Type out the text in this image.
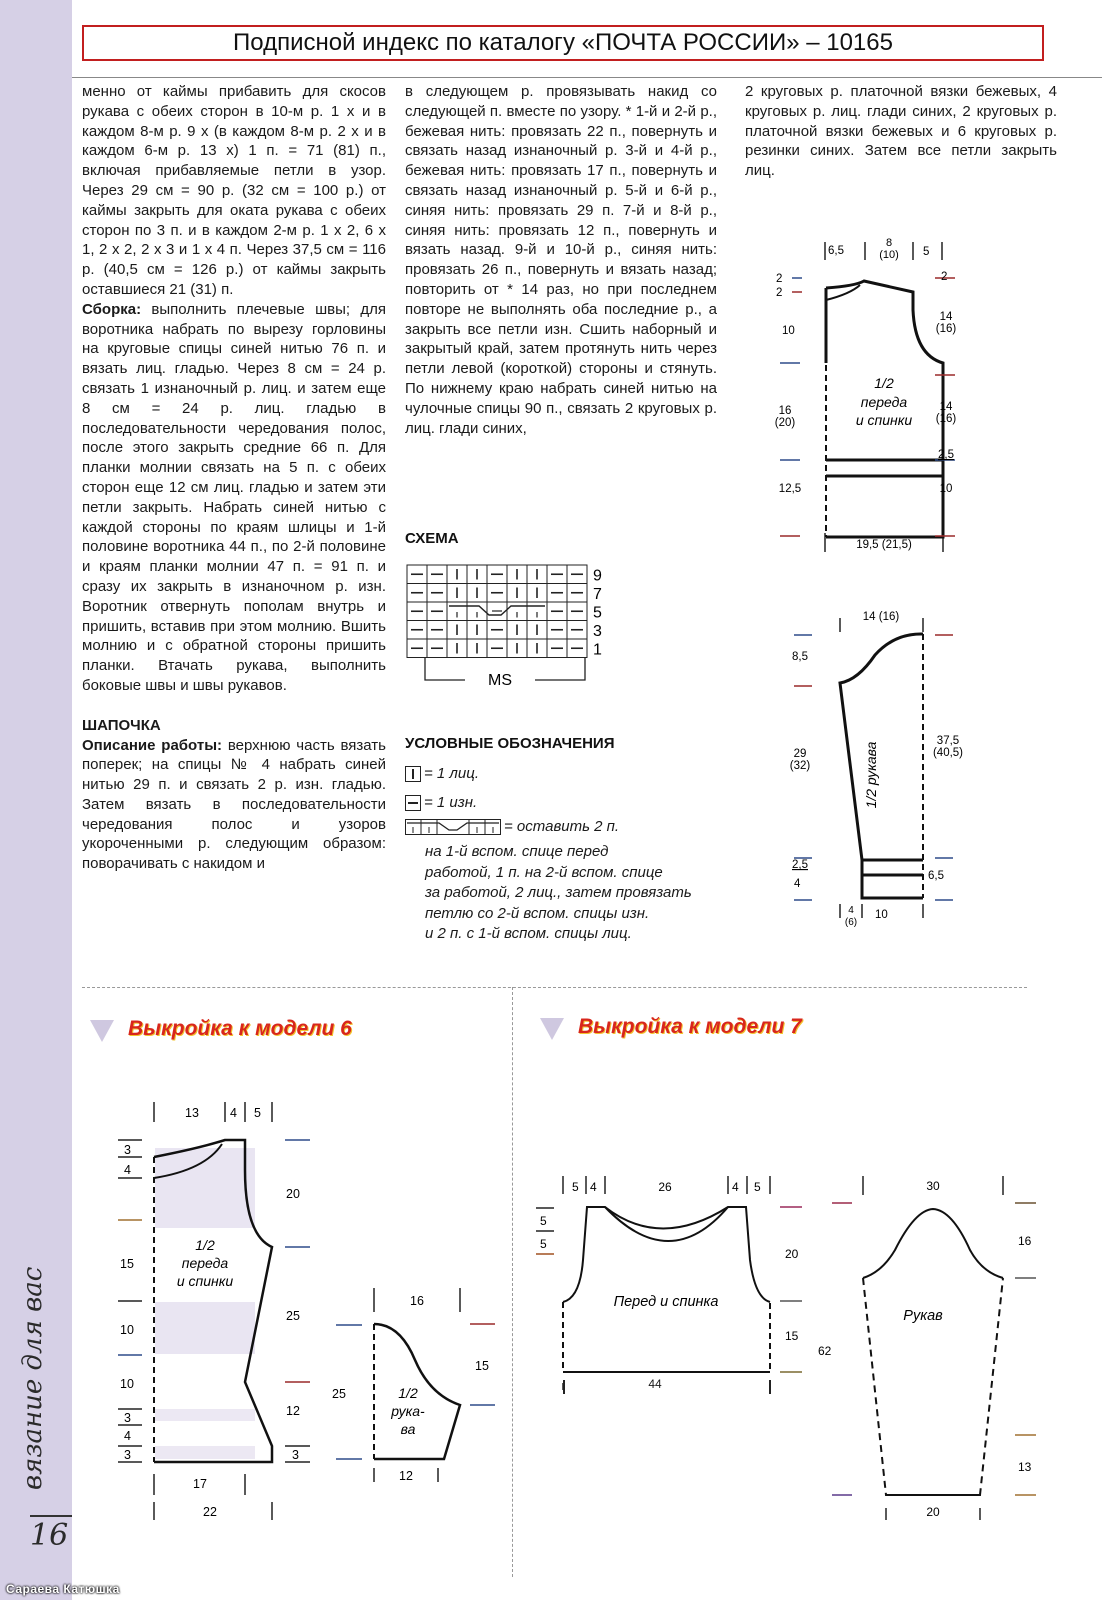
вязание для вас
16
Сараева Катюшка
Подписной индекс по каталогу «ПОЧТА РОССИИ» – 10165

менно от каймы прибавить для скосов рукава с обеих сторон в 10-м р. 1 х и в каждом 8-м р. 9 х (в каждом 8-м р. 2 х и в каждом 6-м р. 13 х) 1 п. = 71 (81) п., включая прибавляемые петли в узор. Через 29 см = 90 р. (32 см = 100 р.) от каймы закрыть для оката рукава с обеих сторон по 3 п. и в каждом 2-м р. 1 х 2, 6 х 1, 2 х 2, 2 х 3 и 1 х 4 п. Через 37,5 см = 116 р. (40,5 см = 126 р.) от каймы закрыть оставшиеся 21 (31) п.

Сборка: выполнить плечевые швы; для воротника набрать по вырезу горловины на круговые спицы синей нитью 76 п. и вязать лиц. гладью. Через 8 см = 24 р. связать 1 изнаночный р. лиц. и затем еще 8 см = 24 р. лиц. гладью в последовательности чередования полос, после этого закрыть средние 66 п. Для планки молнии связать на 5 п. с обеих сторон еще 12 см лиц. гладью и затем эти петли закрыть. Набрать синей нитью с каждой стороны по краям шлицы и 1-й половине воротника 44 п., по 2-й половине и краям планки молнии 47 п. = 91 п. и сразу их закрыть в изнаночном р. изн. Воротник отвернуть пополам внутрь и пришить, вставив при этом молнию. Вшить молнию и с обратной стороны пришить планки. Втачать рукава, выполнить боковые швы и швы рукавов.

ШАПОЧКА

Описание работы: верхнюю часть вязать поперек; на спицы № 4 набрать синей нитью 29 п. и связать 2 р. изн. гладью. Затем вязать в последовательности чередования полос и узоров укороченными р. следующим образом: поворачивать с накидом и

в следующем р. провязывать накид со следующей п. вместе по узору. * 1-й и 2-й р., бежевая нить: провязать 22 п., повернуть и связать назад изнаночный р. 3-й и 4-й р., бежевая нить: провязать 17 п., повернуть и связать назад изнаночный р. 5-й и 6-й р., синяя нить: провязать 29 п. 7-й и 8-й р., синяя нить: провязать 12 п., повернуть и вязать назад. 9-й и 10-й р., синяя нить: провязать 26 п., повернуть и вязать назад; повторить от * 14 раз, но при последнем повторе не выполнять оба последние р., а закрыть все петли изн. Сшить наборный и закрытый край, затем протянуть нить через петли левой (короткой) стороны и стянуть. По нижнему краю набрать синей нитью на чулочные спицы 90 п., связать 2 круговых р. лиц. глади синих,

2 круговых р. платочной вязки бежевых, 4 круговых р. лиц. глади синих, 2 круговых р. платочной вязки бежевых и 6 круговых р. резинки синих. Затем все петли закрыть лиц.

СХЕМА
MS
9
7
5
3
1
УСЛОВНЫЕ ОБОЗНАЧЕНИЯ
= 1 лиц.
= 1 изн.
= оставить 2 п.
на 1-й вспом. спице перед
работой, 1 п. на 2-й вспом. спице
за работой, 2 лиц., затем провязать
петлю со 2-й вспом. спицы изн.
и 2 п. с 1-й вспом. спицы лиц.
6,5
8
(10) 5
2
2
10
16
(20)
12,5
2
14
(16)
14
(16)
2,5
10
19,5 (21,5)
1/2
переда
и спинки
14 (16)
8,5
29
(32)
2,5
4
37,5
(40,5)
6,5
4
(6)
10
1/2 рукава
Выкройка к модели 6
13 4 5
3
4
15
10
10
3
4
3
20
25
12
3
17
22
1/2
переда
и спинки
16
25
15
12
1/2
рука-
ва
Выкройка к модели 7
5 4	26	4 5
5
5
20
15
Перед и спинка
44
30
62
16
13
20
Рукав
